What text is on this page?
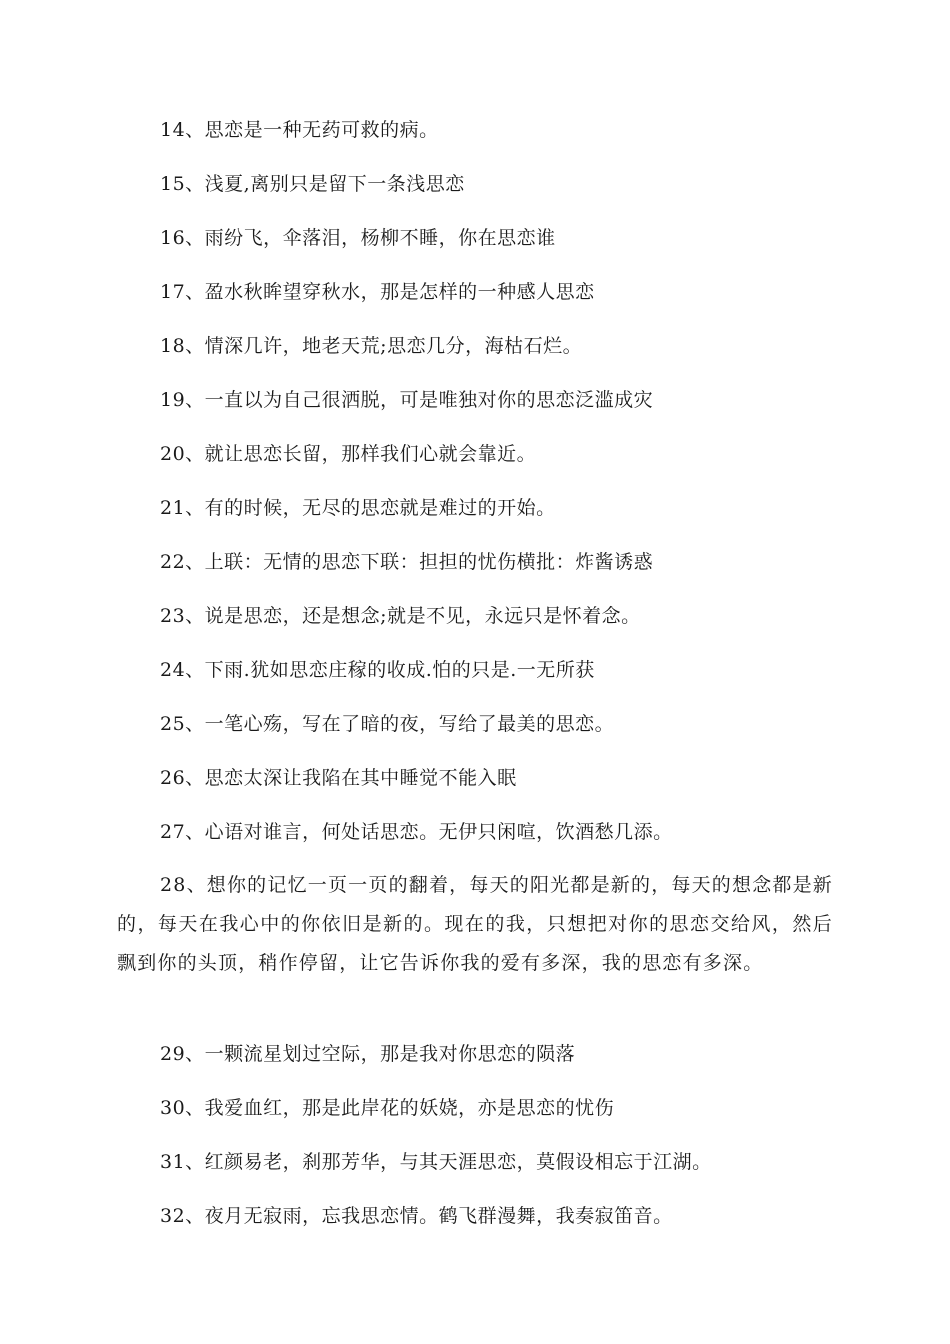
14、思恋是一种无药可救的病。

15、浅夏,离别只是留下一条浅思恋

16、雨纷飞，伞落泪，杨柳不睡，你在思恋谁

17、盈水秋眸望穿秋水，那是怎样的一种感人思恋

18、情深几许，地老天荒;思恋几分，海枯石烂。

19、一直以为自己很洒脱，可是唯独对你的思恋泛滥成灾

20、就让思恋长留，那样我们心就会靠近。

21、有的时候，无尽的思恋就是难过的开始。

22、上联：无情的思恋下联：担担的忧伤横批：炸酱诱惑

23、说是思恋，还是想念;就是不见，永远只是怀着念。

24、下雨.犹如思恋庄稼的收成.怕的只是.一无所获

25、一笔心殇，写在了暗的夜，写给了最美的思恋。

26、思恋太深让我陷在其中睡觉不能入眠

27、心语对谁言，何处话思恋。无伊只闲喧，饮酒愁几添。

28、想你的记忆一页一页的翻着，每天的阳光都是新的，每天的想念都是新的，每天在我心中的你依旧是新的。现在的我，只想把对你的思恋交给风，然后飘到你的头顶，稍作停留，让它告诉你我的爱有多深，我的思恋有多深。

29、一颗流星划过空际，那是我对你思恋的陨落

30、我爱血红，那是此岸花的妖娆，亦是思恋的忧伤

31、红颜易老，刹那芳华，与其天涯思恋，莫假设相忘于江湖。

32、夜月无寂雨，忘我思恋情。鹤飞群漫舞，我奏寂笛音。
